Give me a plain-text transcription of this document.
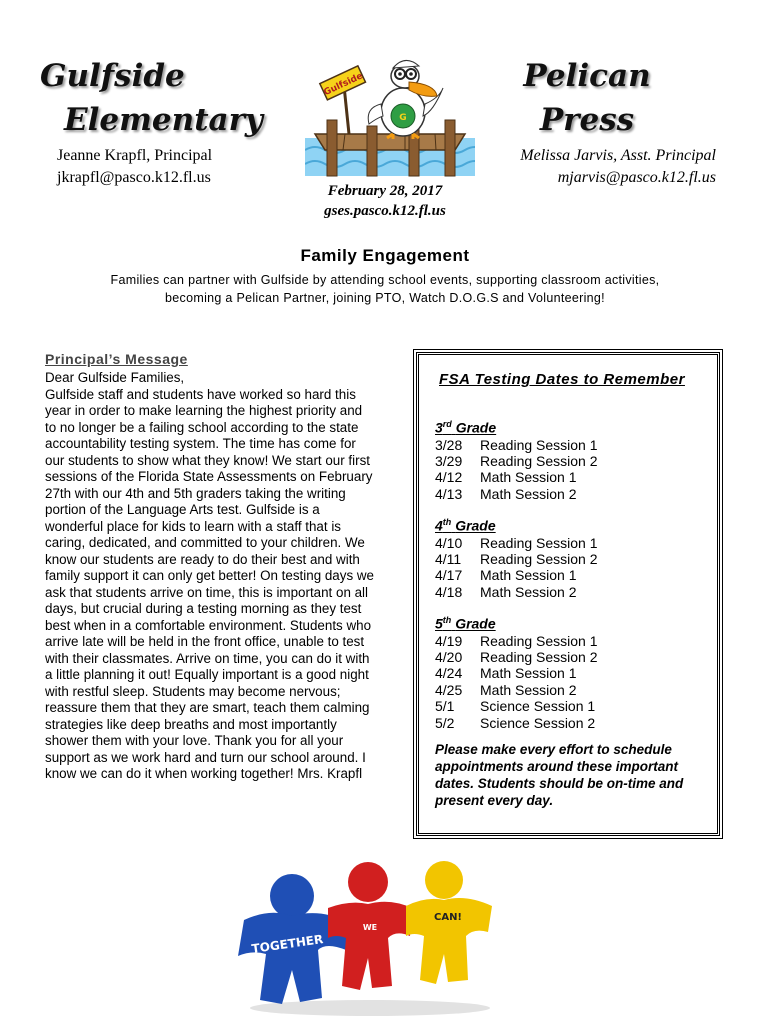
Gulfside
Elementary
Pelican
Press
Gulfside
G
Jeanne Krapfl, Principal
jkrapfl@pasco.k12.fl.us
Melissa Jarvis, Asst. Principal
mjarvis@pasco.k12.fl.us
February 28, 2017
gses.pasco.k12.fl.us
Family Engagement
Families can partner with Gulfside by attending school events, supporting classroom activities,
becoming a Pelican Partner, joining PTO, Watch D.O.G.S and Volunteering!
Principal’s Message

Dear Gulfside Families,

Gulfside staff and students have worked so hard this year in order to make learning the highest priority and to no longer be a failing school according to the state accountability testing system. The time has come for our students to show what they know! We start our first sessions of the Florida State Assessments on February 27th with our 4th and 5th graders taking the writing portion of the Language Arts test. Gulfside is a wonderful place for kids to learn with a staff that is caring, dedicated, and committed to your children. We know our students are ready to do their best and with family support it can only get better! On testing days we ask that students arrive on time, this is important on all days, but crucial during a testing morning as they test best when in a comfortable environment. Students who arrive late will be held in the front office, unable to test with their classmates. Arrive on time, you can do it with a little planning it out! Equally important is a good night with restful sleep. Students may become nervous; reassure them that they are smart, teach them calming strategies like deep breaths and most importantly shower them with your love. Thank you for all your support as we work hard and turn our school around. I know we can do it when working together! Mrs. Krapfl

FSA Testing Dates to Remember
3rd Grade
3/28	Reading Session 1
3/29	Reading Session 2
4/12	Math Session 1
4/13	Math Session 2
4th Grade
4/10	Reading Session 1
4/11	Reading Session 2
4/17	Math Session 1
4/18	Math Session 2
5th Grade
4/19	Reading Session 1
4/20	Reading Session 2
4/24	Math Session 1
4/25	Math Session 2
5/1	Science Session 1
5/2	Science Session 2
Please make every effort to schedule appointments around these important dates. Students should be on-time and present every day.
TOGETHER
WE
CAN!
